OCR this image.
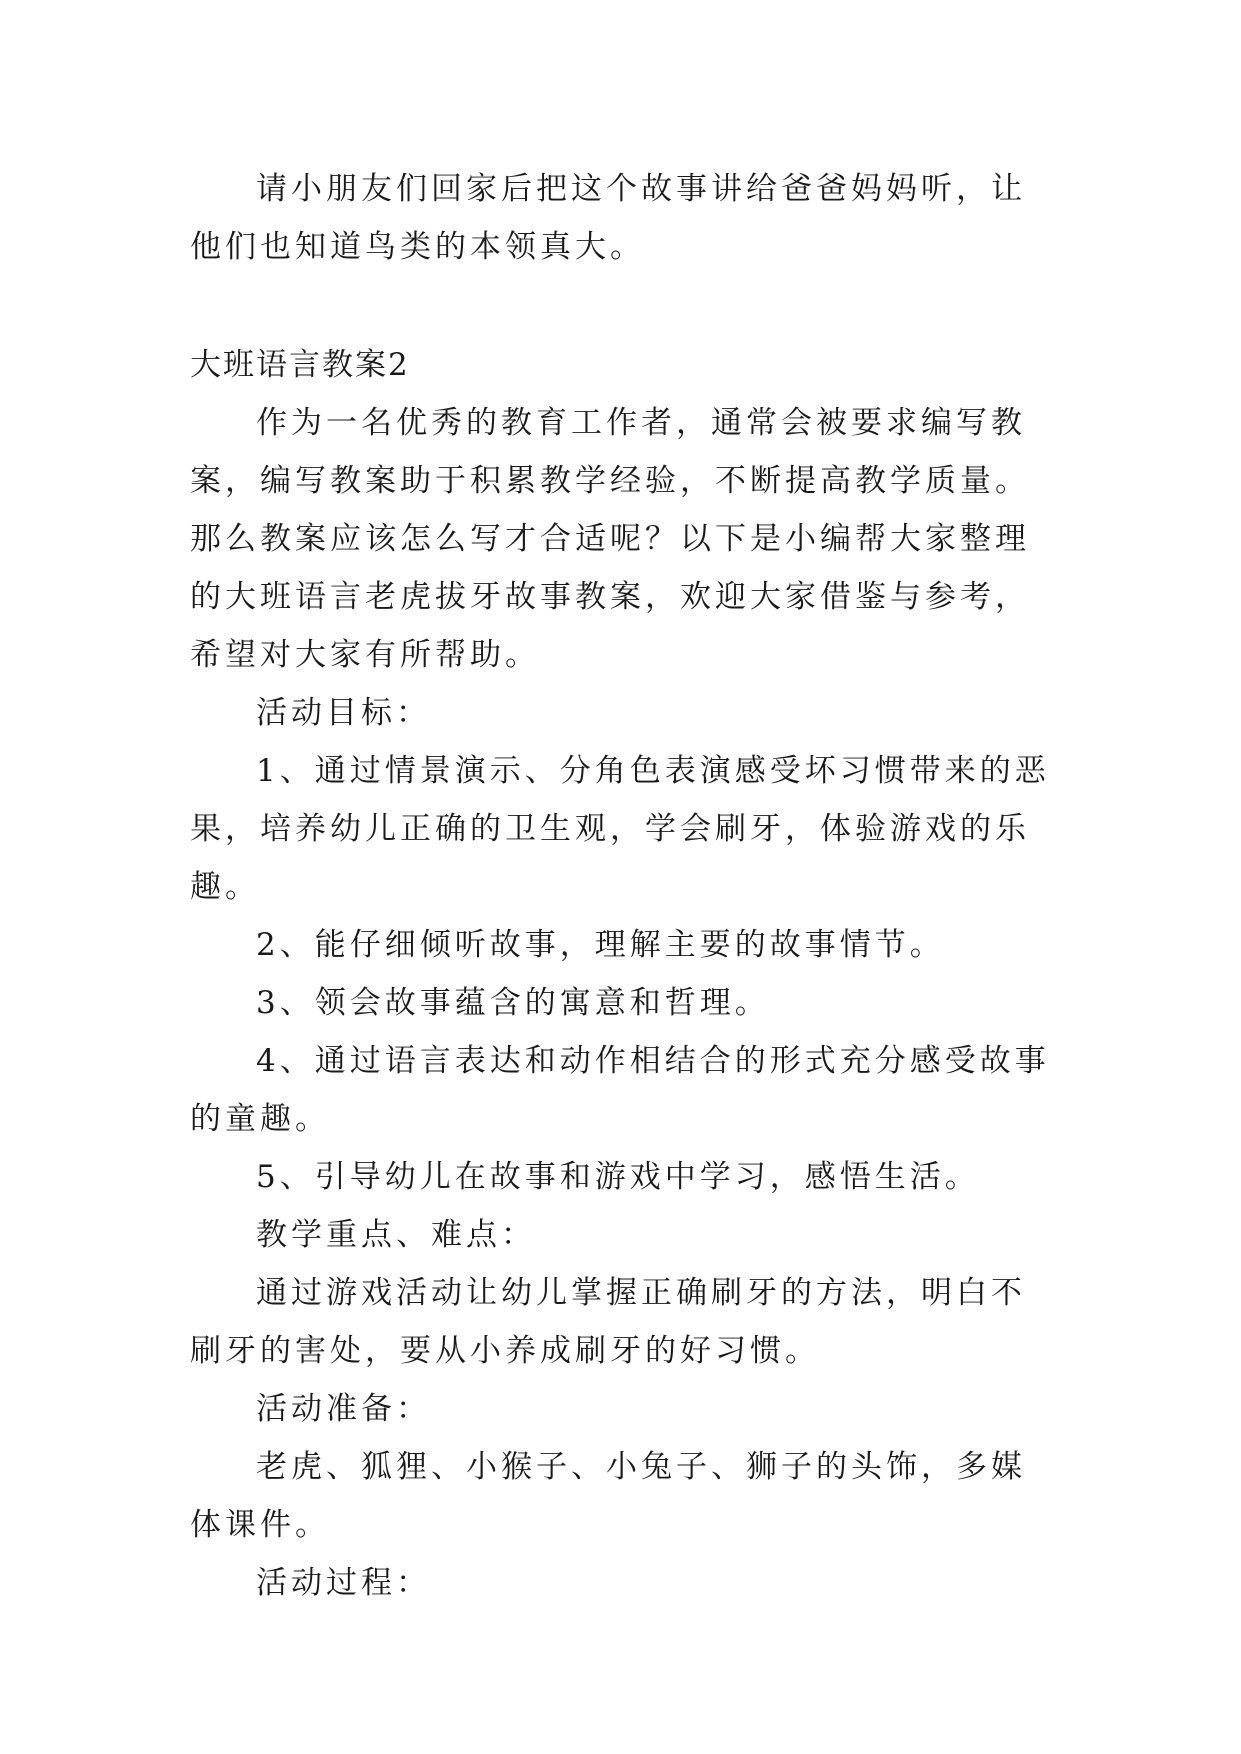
请小朋友们回家后把这个故事讲给爸爸妈妈听，让他们也知道鸟类的本领真大。

大班语言教案2

作为一名优秀的教育工作者，通常会被要求编写教案，编写教案助于积累教学经验，不断提高教学质量。那么教案应该怎么写才合适呢？以下是小编帮大家整理的大班语言老虎拔牙故事教案，欢迎大家借鉴与参考，希望对大家有所帮助。

活动目标：

1、通过情景演示、分角色表演感受坏习惯带来的恶果，培养幼儿正确的卫生观，学会刷牙，体验游戏的乐趣。

2、能仔细倾听故事，理解主要的故事情节。

3、领会故事蕴含的寓意和哲理。

4、通过语言表达和动作相结合的形式充分感受故事的童趣。

5、引导幼儿在故事和游戏中学习，感悟生活。

教学重点、难点：

通过游戏活动让幼儿掌握正确刷牙的方法，明白不刷牙的害处，要从小养成刷牙的好习惯。

活动准备：

老虎、狐狸、小猴子、小兔子、狮子的头饰，多媒体课件。

活动过程：
